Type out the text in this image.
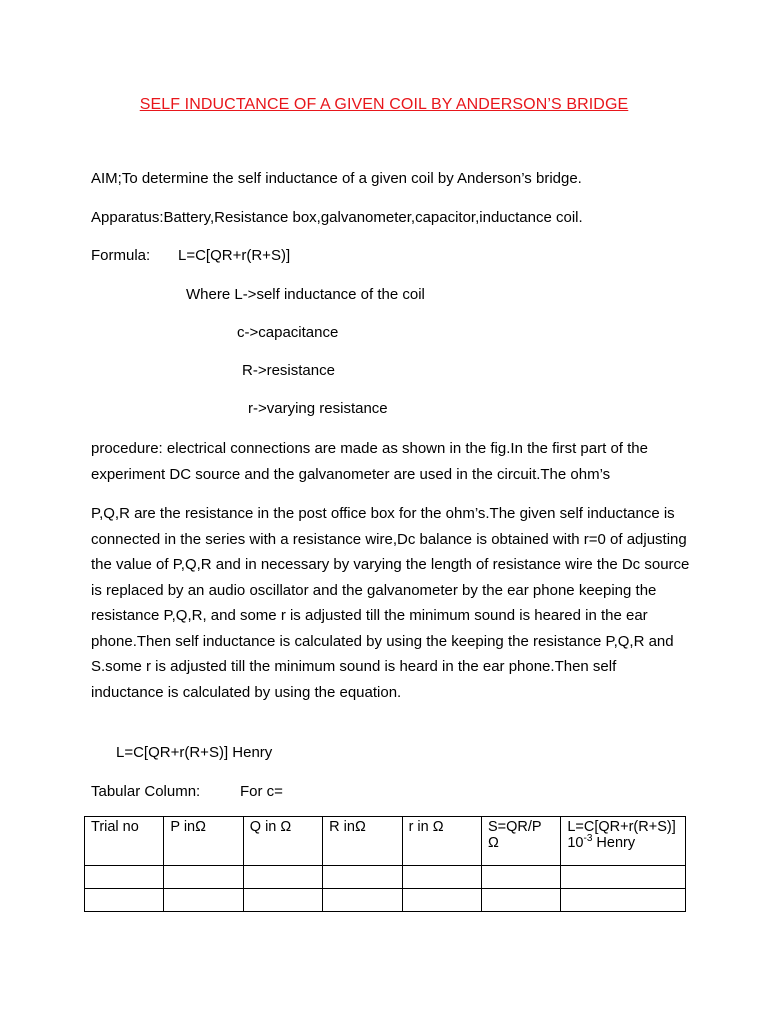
SELF INDUCTANCE OF A GIVEN COIL BY ANDERSON’S BRIDGE
AIM;To determine the self inductance of a given coil by Anderson’s bridge.
Apparatus:Battery,Resistance box,galvanometer,capacitor,inductance coil.
Formula: L=C[QR+r(R+S)]
Where L->self inductance of the coil
c->capacitance
R->resistance
r->varying resistance
procedure: electrical connections are made as shown in the fig.In the first part of the experiment DC source and the galvanometer are used in the circuit.The ohm’s
P,Q,R are the resistance in the post office box for the ohm’s.The given self inductance is connected in the series with a resistance wire,Dc balance is obtained with r=0 of adjusting the value of P,Q,R and in necessary by varying the length of resistance wire the Dc source is replaced by an audio oscillator and the galvanometer by the ear phone keeping the resistance P,Q,R, and some r is adjusted till the minimum sound is heared in the ear phone.Then self inductance is calculated by using the keeping the resistance P,Q,R and S.some r is adjusted till the minimum sound is heard in the ear phone.Then self inductance is calculated by using the equation.
L=C[QR+r(R+S)] Henry
Tabular Column:	For c=
Trial no	P inΩ	Q in Ω	R inΩ	r in Ω	S=QR/P Ω	L=C[QR+r(R+S)]
$10^{-3}$ Henry
